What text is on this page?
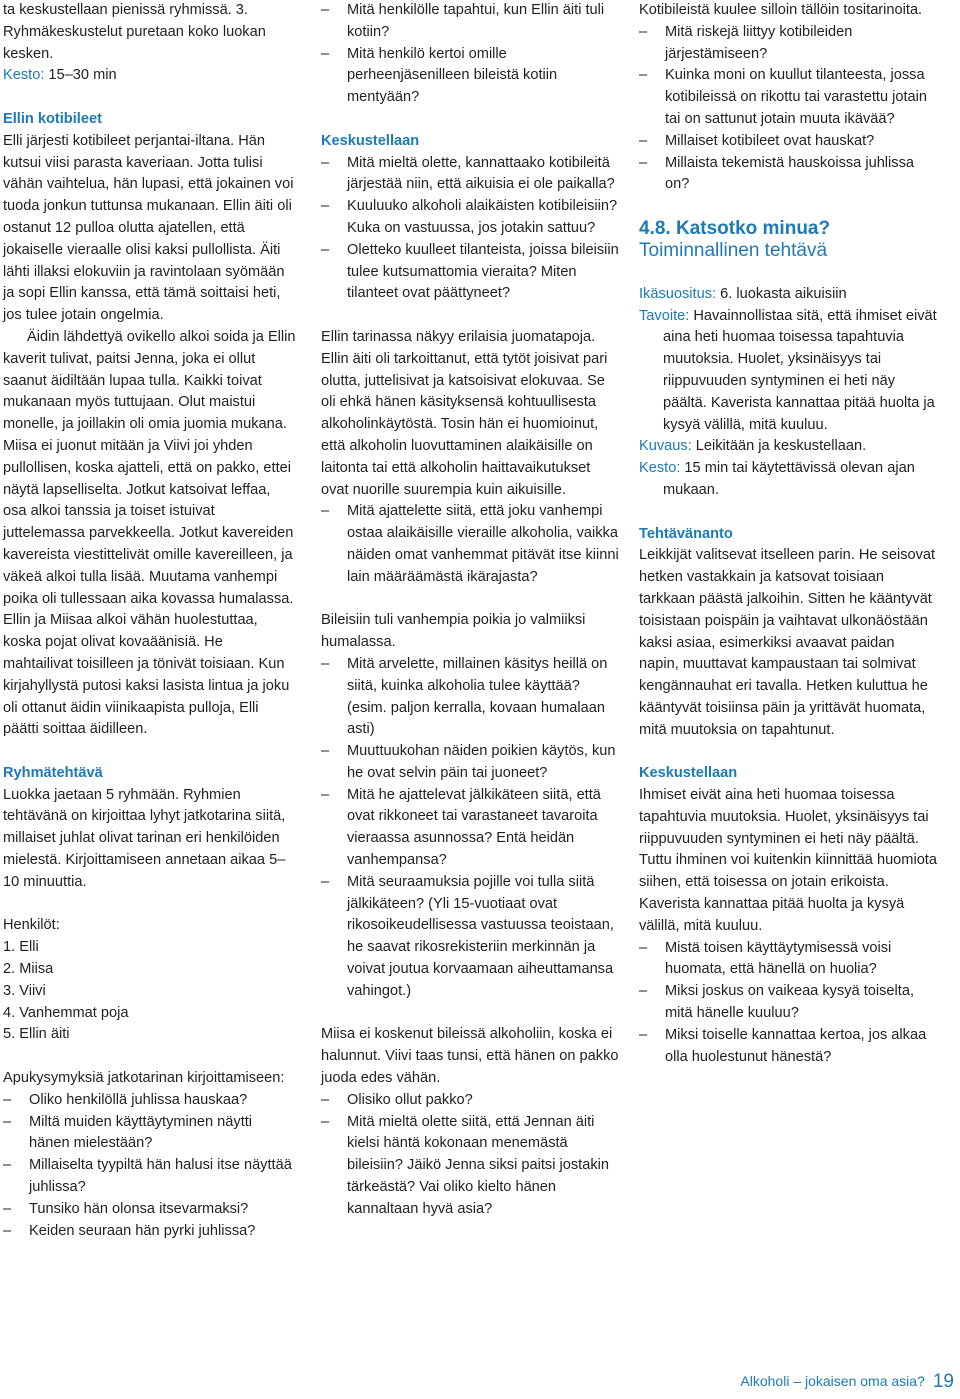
ta keskustellaan pienissä ryhmissä. 3. Ryhmäkeskustelut puretaan koko luokan kesken.

Kesto: 15–30 min

Ellin kotibileet

Elli järjesti kotibileet perjantai-iltana. Hän kutsui viisi parasta kaveriaan. Jotta tulisi vähän vaihtelua, hän lupasi, että jokainen voi tuoda jonkun tuttunsa mukanaan. Ellin äiti oli ostanut 12 pulloa olutta ajatellen, että jokaiselle vieraalle olisi kaksi pullollista. Äiti lähti illaksi elokuviin ja ravintolaan syömään ja sopi Ellin kanssa, että tämä soittaisi heti, jos tulee jotain ongelmia.

Äidin lähdettyä ovikello alkoi soida ja Ellin kaverit tulivat, paitsi Jenna, joka ei ollut saanut äidiltään lupaa tulla. Kaikki toivat mukanaan myös tuttujaan. Olut maistui monelle, ja joillakin oli omia juomia mukana. Miisa ei juonut mitään ja Viivi joi yhden pullollisen, koska ajatteli, että on pakko, ettei näytä lapselliselta. Jotkut katsoivat leffaa, osa alkoi tanssia ja toiset istuivat juttelemassa parvekkeella. Jotkut kavereiden kavereista viestittelivät omille kavereilleen, ja väkeä alkoi tulla lisää. Muutama vanhempi poika oli tullessaan aika kovassa humalassa. Ellin ja Miisaa alkoi vähän huolestuttaa, koska pojat olivat kovaäänisiä. He mahtailivat toisilleen ja tönivät toisiaan. Kun kirjahyllystä putosi kaksi lasista lintua ja joku oli ottanut äidin viinikaapista pulloja, Elli päätti soittaa äidilleen.

Ryhmätehtävä

Luokka jaetaan 5 ryhmään. Ryhmien tehtävänä on kirjoittaa lyhyt jatkotarina siitä, millaiset juhlat olivat tarinan eri henkilöiden mielestä. Kirjoittamiseen annetaan aikaa 5–10 minuuttia.

Henkilöt:

1. Elli
2. Miisa
3. Viivi
4. Vanhemmat poja
5. Ellin äiti

Apukysymyksiä jatkotarinan kirjoittamiseen:

– Oliko henkilöllä juhlissa hauskaa?

– Miltä muiden käyttäytyminen näytti hänen mielestään?

– Millaiselta tyypiltä hän halusi itse näyttää juhlissa?

– Tunsiko hän olonsa itsevarmaksi?

– Keiden seuraan hän pyrki juhlissa?

– Mitä henkilölle tapahtui, kun Ellin äiti tuli kotiin?

– Mitä henkilö kertoi omille perheenjäsenilleen bileistä kotiin mentyään?

Keskustellaan

– Mitä mieltä olette, kannattaako kotibileitä järjestää niin, että aikuisia ei ole paikalla?

– Kuuluuko alkoholi alaikäisten kotibileisiin? Kuka on vastuussa, jos jotakin sattuu?

– Oletteko kuulleet tilanteista, joissa bileisiin tulee kutsumattomia vieraita? Miten tilanteet ovat päättyneet?

Ellin tarinassa näkyy erilaisia juomatapoja. Ellin äiti oli tarkoittanut, että tytöt joisivat pari olutta, juttelisivat ja katsoisivat elokuvaa. Se oli ehkä hänen käsityksensä kohtuullisesta alkoholinkäytöstä. Tosin hän ei huomioinut, että alkoholin luovuttaminen alaikäisille on laitonta tai että alkoholin haittavaikutukset ovat nuorille suurempia kuin aikuisille.

– Mitä ajattelette siitä, että joku vanhempi ostaa alaikäisille vieraille alkoholia, vaikka näiden omat vanhemmat pitävät itse kiinni lain määräämästä ikärajasta?

Bileisiin tuli vanhempia poikia jo valmiiksi humalassa.

– Mitä arvelette, millainen käsitys heillä on siitä, kuinka alkoholia tulee käyttää? (esim. paljon kerralla, kovaan humalaan asti)

– Muuttuukohan näiden poikien käytös, kun he ovat selvin päin tai juoneet?

– Mitä he ajattelevat jälkikäteen siitä, että ovat rikkoneet tai varastaneet tavaroita vieraassa asunnossa? Entä heidän vanhempansa?

– Mitä seuraamuksia pojille voi tulla siitä jälkikäteen? (Yli 15-vuotiaat ovat rikosoikeudellisessa vastuussa teoistaan, he saavat rikosrekisteriin merkinnän ja voivat joutua korvaamaan aiheuttamansa vahingot.)

Miisa ei koskenut bileissä alkoholiin, koska ei halunnut. Viivi taas tunsi, että hänen on pakko juoda edes vähän.

– Olisiko ollut pakko?

– Mitä mieltä olette siitä, että Jennan äiti kielsi häntä kokonaan menemästä bileisiin? Jäikö Jenna siksi paitsi jostakin tärkeästä? Vai oliko kielto hänen kannaltaan hyvä asia?

Kotibileistä kuulee silloin tällöin tositarinoita.

– Mitä riskejä liittyy kotibileiden järjestämiseen?

– Kuinka moni on kuullut tilanteesta, jossa kotibileissä on rikottu tai varastettu jotain tai on sattunut jotain muuta ikävää?

– Millaiset kotibileet ovat hauskat?

– Millaista tekemistä hauskoissa juhlissa on?

4.8. Katsotko minua?

Toiminnallinen tehtävä

Ikäsuositus: 6. luokasta aikuisiin

Tavoite: Havainnollistaa sitä, että ihmiset eivät aina heti huomaa toisessa tapahtuvia muutoksia. Huolet, yksinäisyys tai riippuvuuden syntyminen ei heti näy päältä. Kaverista kannattaa pitää huolta ja kysyä välillä, mitä kuuluu.

Kuvaus: Leikitään ja keskustellaan.

Kesto: 15 min tai käytettävissä olevan ajan mukaan.

Tehtävänanto

Leikkijät valitsevat itselleen parin. He seisovat hetken vastakkain ja katsovat toisiaan tarkkaan päästä jalkoihin. Sitten he kääntyvät toisistaan poispäin ja vaihtavat ulkonäöstään kaksi asiaa, esimerkiksi avaavat paidan napin, muuttavat kampaustaan tai solmivat kengännauhat eri tavalla. Hetken kuluttua he kääntyvät toisiinsa päin ja yrittävät huomata, mitä muutoksia on tapahtunut.

Keskustellaan

Ihmiset eivät aina heti huomaa toisessa tapahtuvia muutoksia. Huolet, yksinäisyys tai riippuvuuden syntyminen ei heti näy päältä. Tuttu ihminen voi kuitenkin kiinnittää huomiota siihen, että toisessa on jotain erikoista. Kaverista kannattaa pitää huolta ja kysyä välillä, mitä kuuluu.

– Mistä toisen käyttäytymisessä voisi huomata, että hänellä on huolia?

– Miksi joskus on vaikeaa kysyä toiselta, mitä hänelle kuuluu?

– Miksi toiselle kannattaa kertoa, jos alkaa olla huolestunut hänestä?

Alkoholi – jokaisen oma asia? 19
